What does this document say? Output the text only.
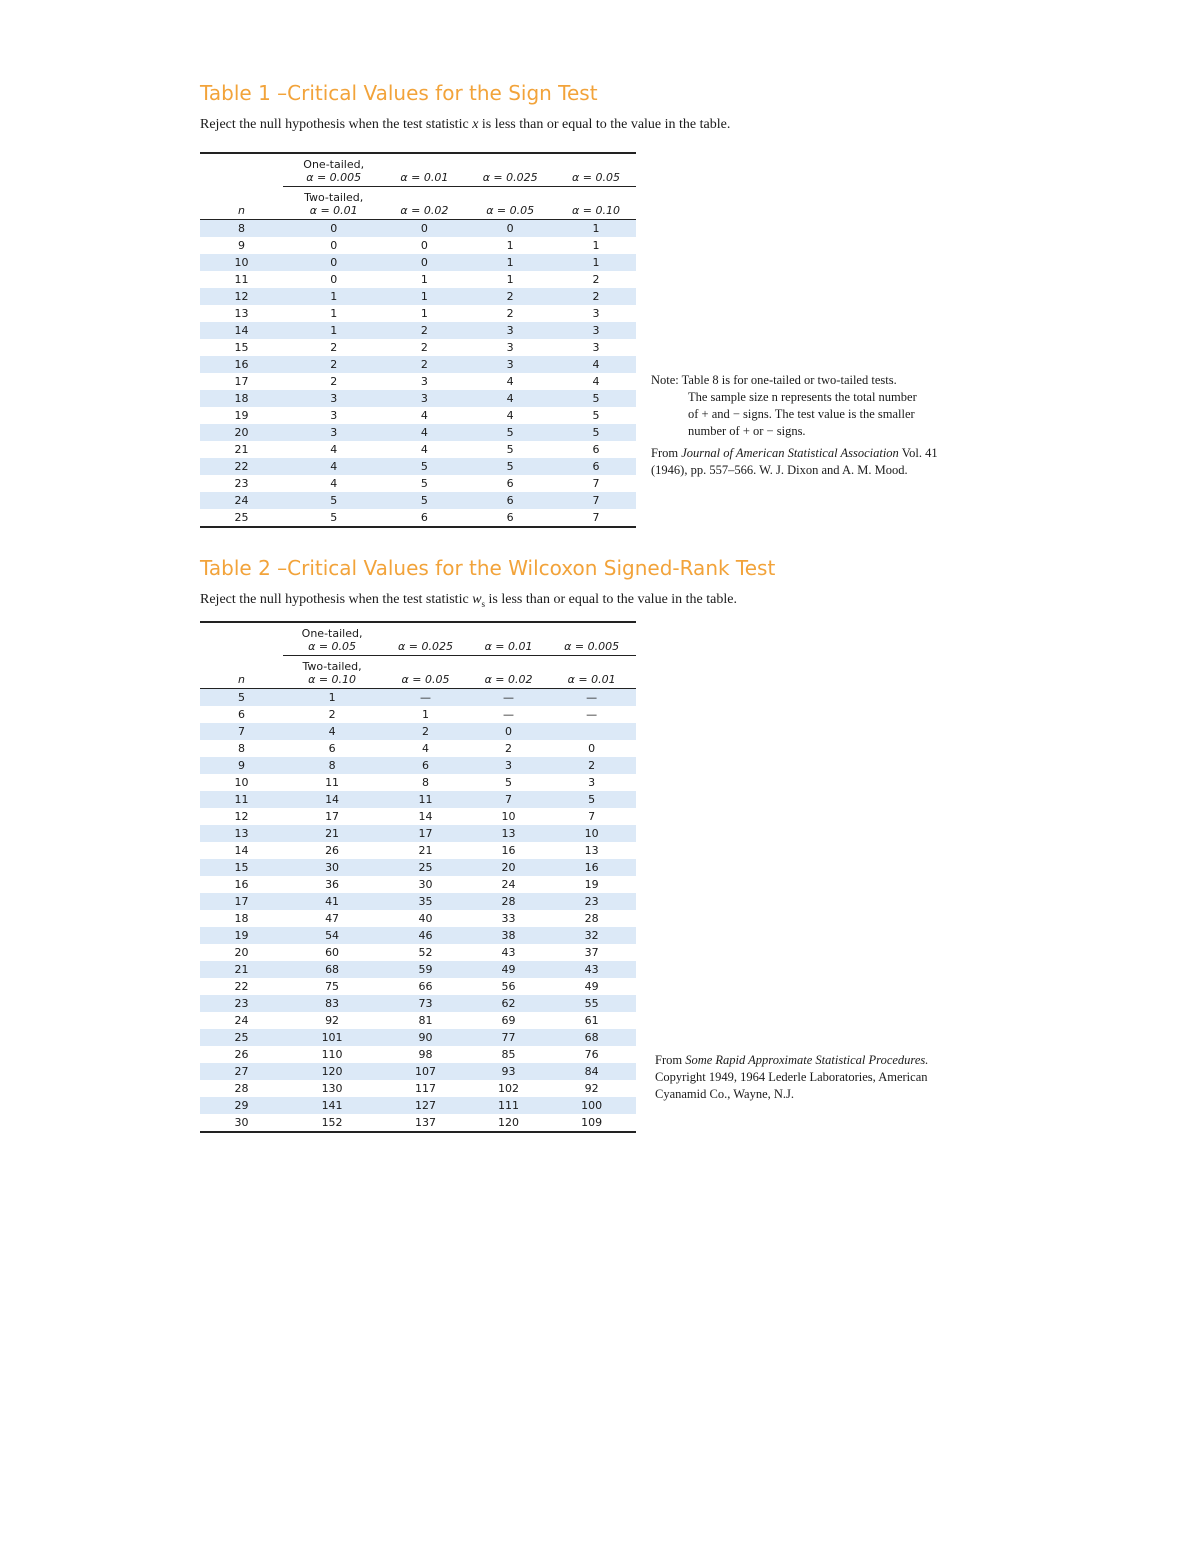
Table 1 –Critical Values for the Sign Test

Reject the null hypothesis when the test statistic x is less than or equal to the value in the table.

	One-tailed,
α = 0.005	α = 0.01	α = 0.025	α = 0.05
n	Two-tailed,
α = 0.01	α = 0.02	α = 0.05	α = 0.10
8	0	0	0	1
9	0	0	1	1
10	0	0	1	1
11	0	1	1	2
12	1	1	2	2
13	1	1	2	3
14	1	2	3	3
15	2	2	3	3
16	2	2	3	4
17	2	3	4	4
18	3	3	4	5
19	3	4	4	5
20	3	4	5	5
21	4	4	5	6
22	4	5	5	6
23	4	5	6	7
24	5	5	6	7
25	5	6	6	7
Note: Table 8 is for one-tailed or two-tailed tests.
The sample size n represents the total number
of + and − signs. The test value is the smaller
number of + or − signs.
From Journal of American Statistical Association Vol. 41
(1946), pp. 557–566. W. J. Dixon and A. M. Mood.
Table 2 –Critical Values for the Wilcoxon Signed-Rank Test

Reject the null hypothesis when the test statistic $w_s$ is less than or equal to the value in the table.

	One-tailed,
α = 0.05	α = 0.025	α = 0.01	α = 0.005
n	Two-tailed,
α = 0.10	α = 0.05	α = 0.02	α = 0.01
5	1	—	—	—
6	2	1	—	—
7	4	2	0	
8	6	4	2	0
9	8	6	3	2
10	11	8	5	3
11	14	11	7	5
12	17	14	10	7
13	21	17	13	10
14	26	21	16	13
15	30	25	20	16
16	36	30	24	19
17	41	35	28	23
18	47	40	33	28
19	54	46	38	32
20	60	52	43	37
21	68	59	49	43
22	75	66	56	49
23	83	73	62	55
24	92	81	69	61
25	101	90	77	68
26	110	98	85	76
27	120	107	93	84
28	130	117	102	92
29	141	127	111	100
30	152	137	120	109
From Some Rapid Approximate Statistical Procedures.
Copyright 1949, 1964 Lederle Laboratories, American
Cyanamid Co., Wayne, N.J.
